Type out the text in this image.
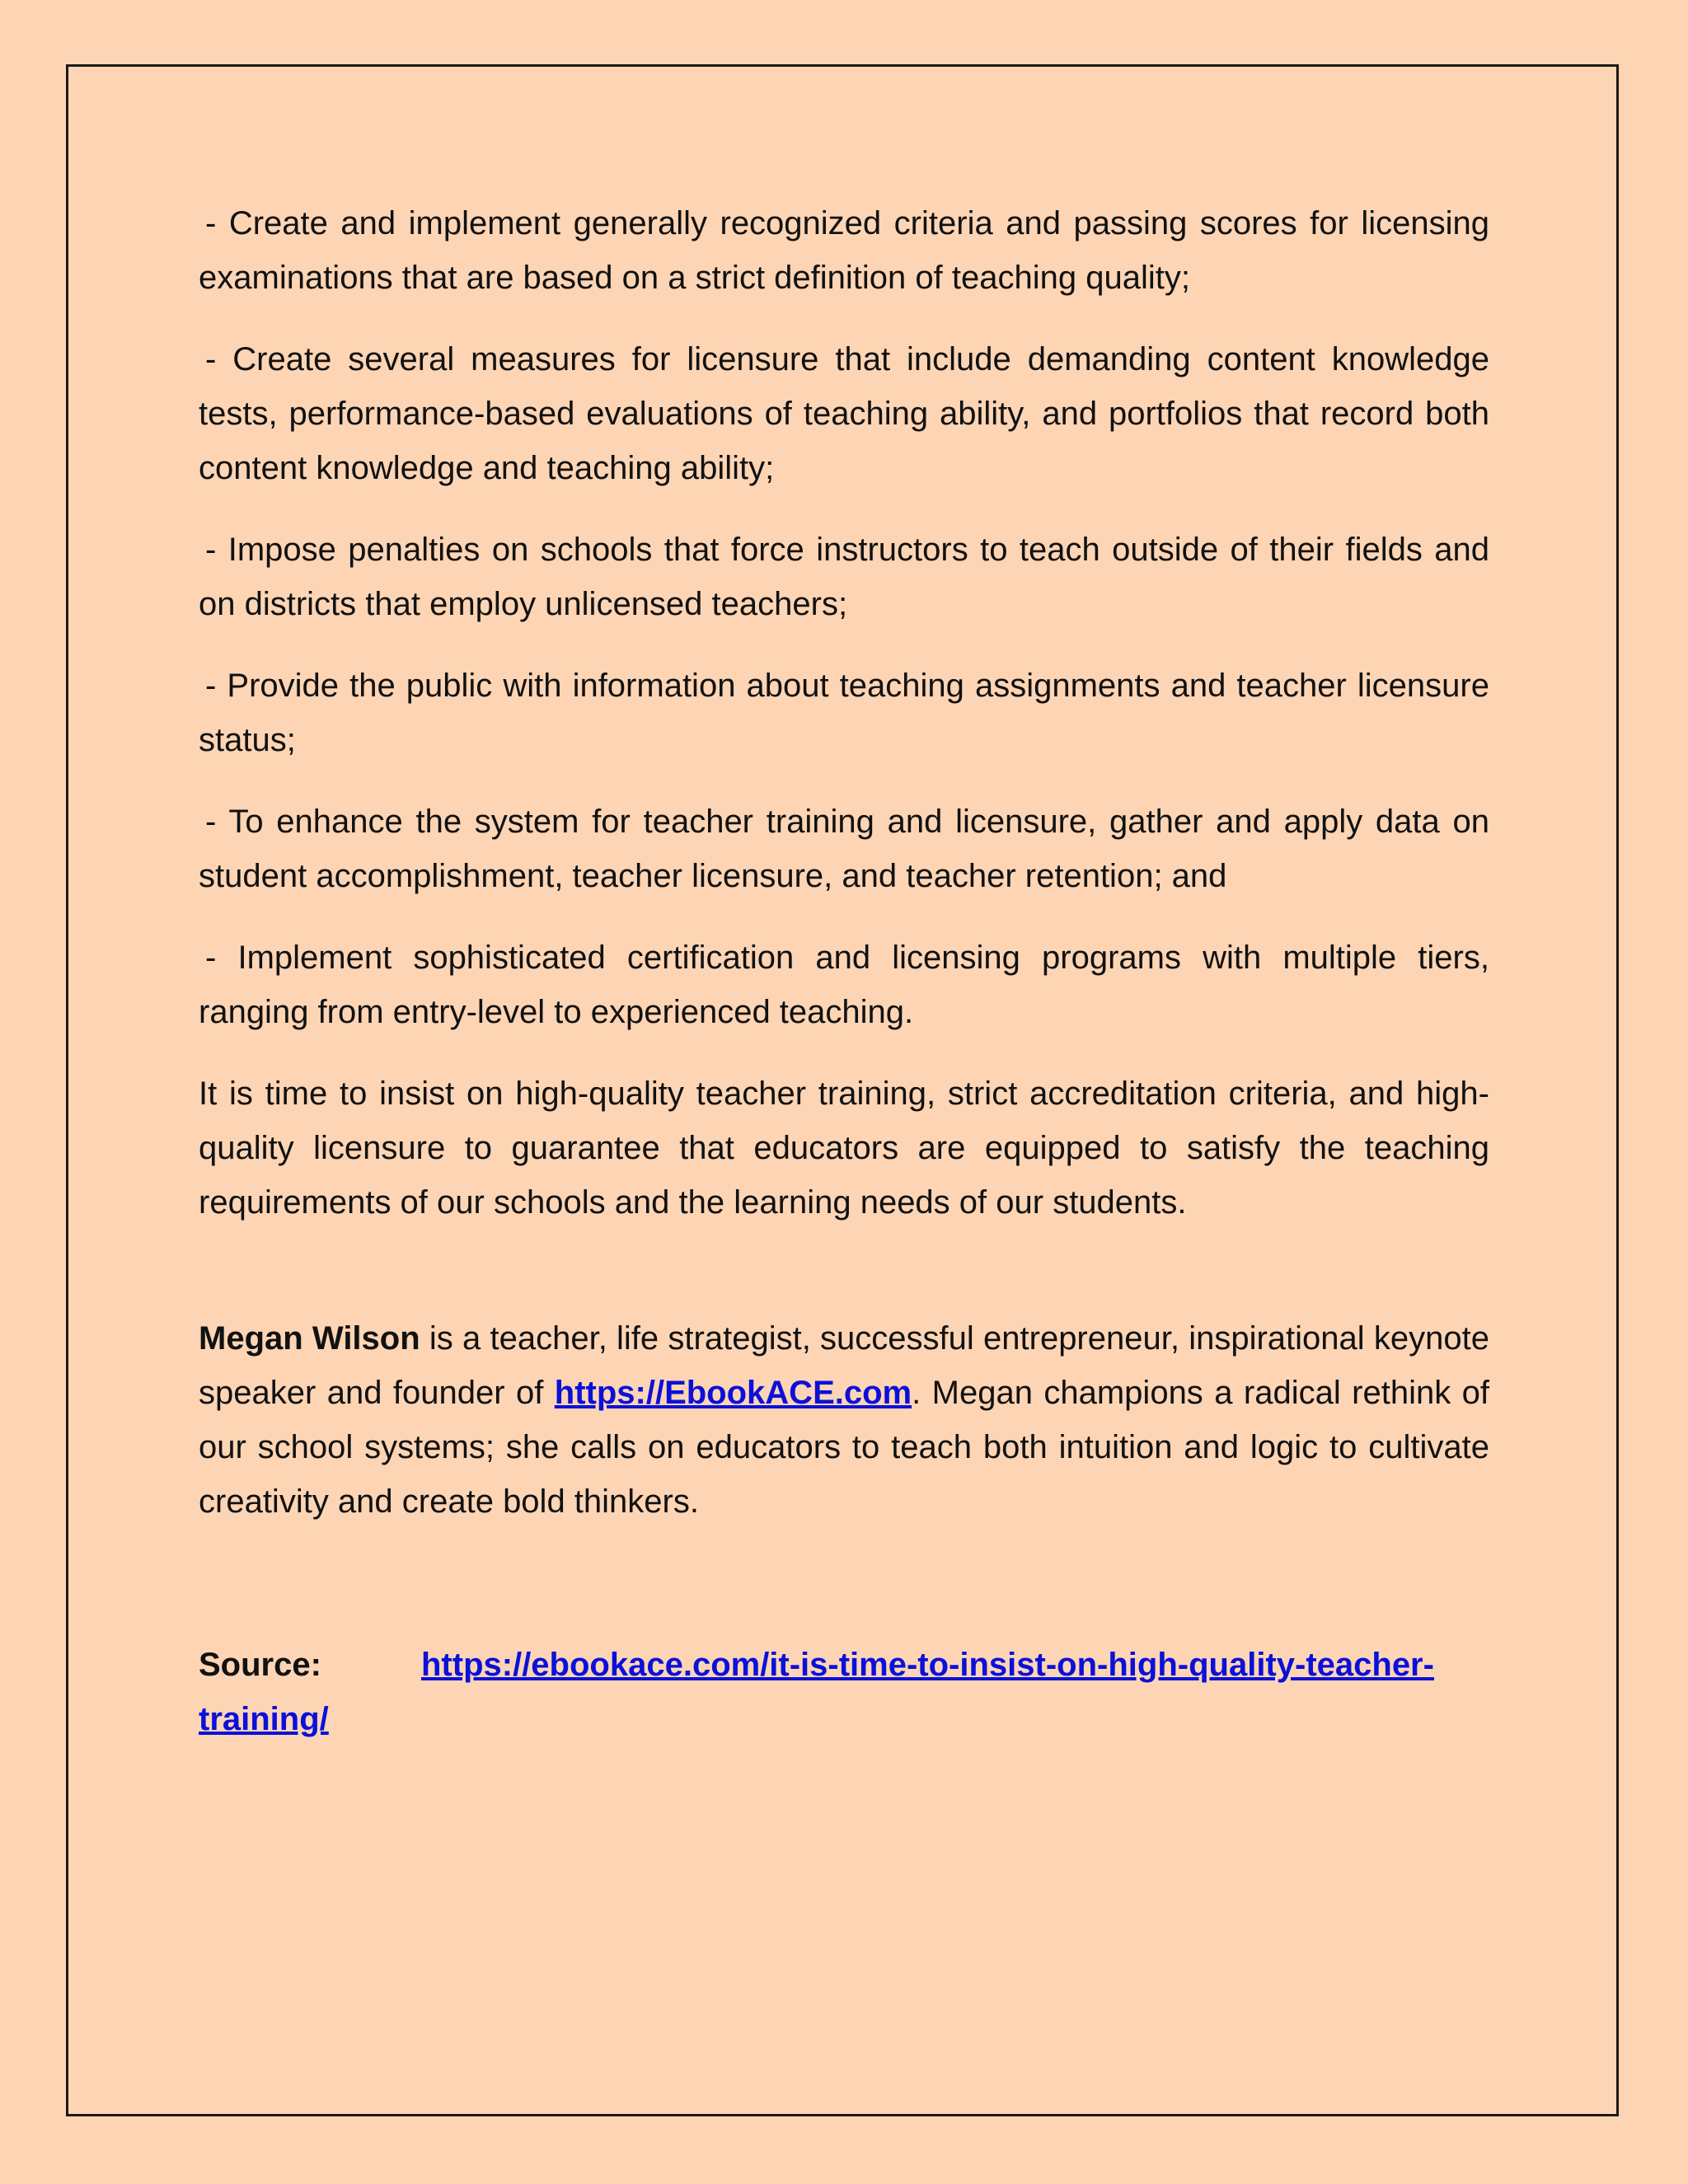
- Create and implement generally recognized criteria and passing scores for licensing examinations that are based on a strict definition of teaching quality;

- Create several measures for licensure that include demanding content knowledge tests, performance-based evaluations of teaching ability, and portfolios that record both content knowledge and teaching ability;

- Impose penalties on schools that force instructors to teach outside of their fields and on districts that employ unlicensed teachers;

- Provide the public with information about teaching assignments and teacher licensure status;

- To enhance the system for teacher training and licensure, gather and apply data on student accomplishment, teacher licensure, and teacher retention; and

- Implement sophisticated certification and licensing programs with multiple tiers, ranging from entry-level to experienced teaching.

It is time to insist on high-quality teacher training, strict accreditation criteria, and high-quality licensure to guarantee that educators are equipped to satisfy the teaching requirements of our schools and the learning needs of our students.

Megan Wilson is a teacher, life strategist, successful entrepreneur, inspirational keynote speaker and founder of https://EbookACE.com. Megan champions a radical rethink of our school systems; she calls on educators to teach both intuition and logic to cultivate creativity and create bold thinkers.

Source:	https://ebookace.com/it-is-time-to-insist-on-high-quality-teacher-training/
